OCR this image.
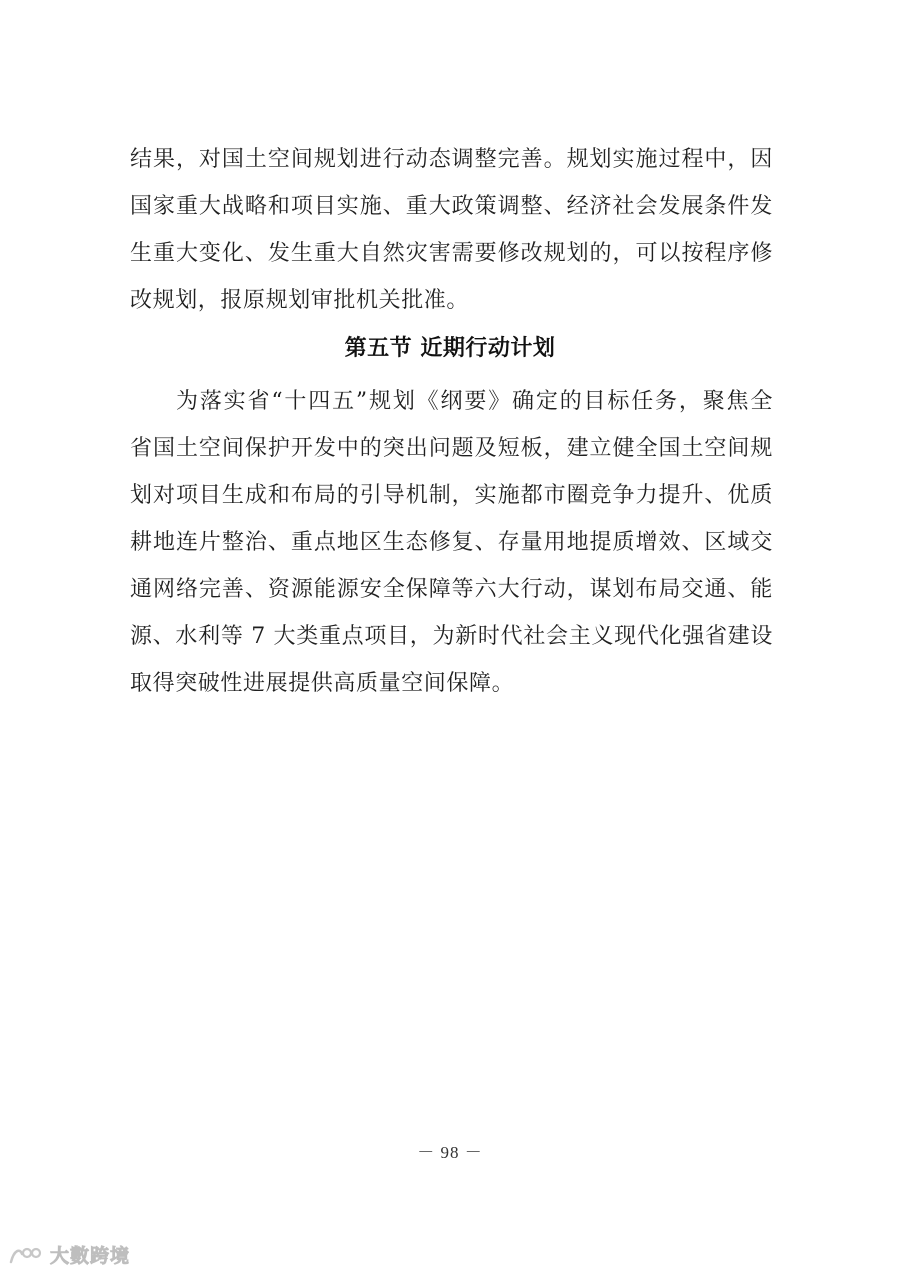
结果，对国土空间规划进行动态调整完善。规划实施过程中，因
国家重大战略和项目实施、重大政策调整、经济社会发展条件发
生重大变化、发生重大自然灾害需要修改规划的，可以按程序修
改规划，报原规划审批机关批准。
第五节 近期行动计划
为落实省“十四五”规划《纲要》确定的目标任务，聚焦全
省国土空间保护开发中的突出问题及短板，建立健全国土空间规
划对项目生成和布局的引导机制，实施都市圈竞争力提升、优质
耕地连片整治、重点地区生态修复、存量用地提质增效、区域交
通网络完善、资源能源安全保障等六大行动，谋划布局交通、能
源、水利等 7 大类重点项目，为新时代社会主义现代化强省建设
取得突破性进展提供高质量空间保障。
－ 98 －
大數跨境
